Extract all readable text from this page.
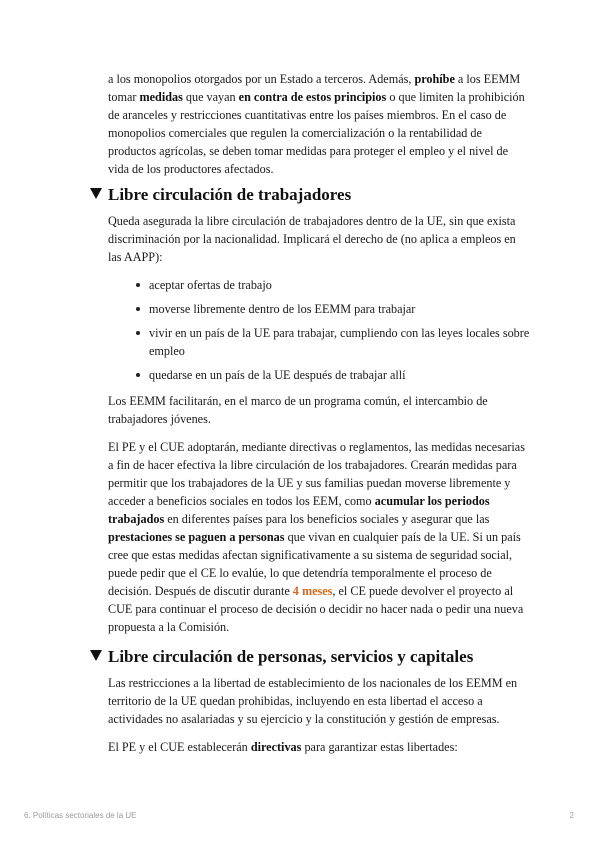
a los monopolios otorgados por un Estado a terceros. Además, prohíbe a los EEMM tomar medidas que vayan en contra de estos principios o que limiten la prohibición de aranceles y restricciones cuantitativas entre los países miembros. En el caso de monopolios comerciales que regulen la comercialización o la rentabilidad de productos agrícolas, se deben tomar medidas para proteger el empleo y el nivel de vida de los productores afectados.

Libre circulación de trabajadores

Queda asegurada la libre circulación de trabajadores dentro de la UE, sin que exista discriminación por la nacionalidad. Implicará el derecho de (no aplica a empleos en las AAPP):

aceptar ofertas de trabajo
moverse libremente dentro de los EEMM para trabajar
vivir en un país de la UE para trabajar, cumpliendo con las leyes locales sobre empleo
quedarse en un país de la UE después de trabajar allí

Los EEMM facilitarán, en el marco de un programa común, el intercambio de trabajadores jóvenes.

El PE y el CUE adoptarán, mediante directivas o reglamentos, las medidas necesarias a fin de hacer efectiva la libre circulación de los trabajadores. Crearán medidas para permitir que los trabajadores de la UE y sus familias puedan moverse libremente y acceder a beneficios sociales en todos los EEM, como acumular los periodos trabajados en diferentes países para los beneficios sociales y asegurar que las prestaciones se paguen a personas que vivan en cualquier país de la UE. Si un país cree que estas medidas afectan significativamente a su sistema de seguridad social, puede pedir que el CE lo evalúe, lo que detendría temporalmente el proceso de decisión. Después de discutir durante 4 meses, el CE puede devolver el proyecto al CUE para continuar el proceso de decisión o decidir no hacer nada o pedir una nueva propuesta a la Comisión.

Libre circulación de personas, servicios y capitales

Las restricciones a la libertad de establecimiento de los nacionales de los EEMM en territorio de la UE quedan prohibidas, incluyendo en esta libertad el acceso a actividades no asalariadas y su ejercicio y la constitución y gestión de empresas.

El PE y el CUE establecerán directivas para garantizar estas libertades:

6. Políticas sectoriales de la UE	2
